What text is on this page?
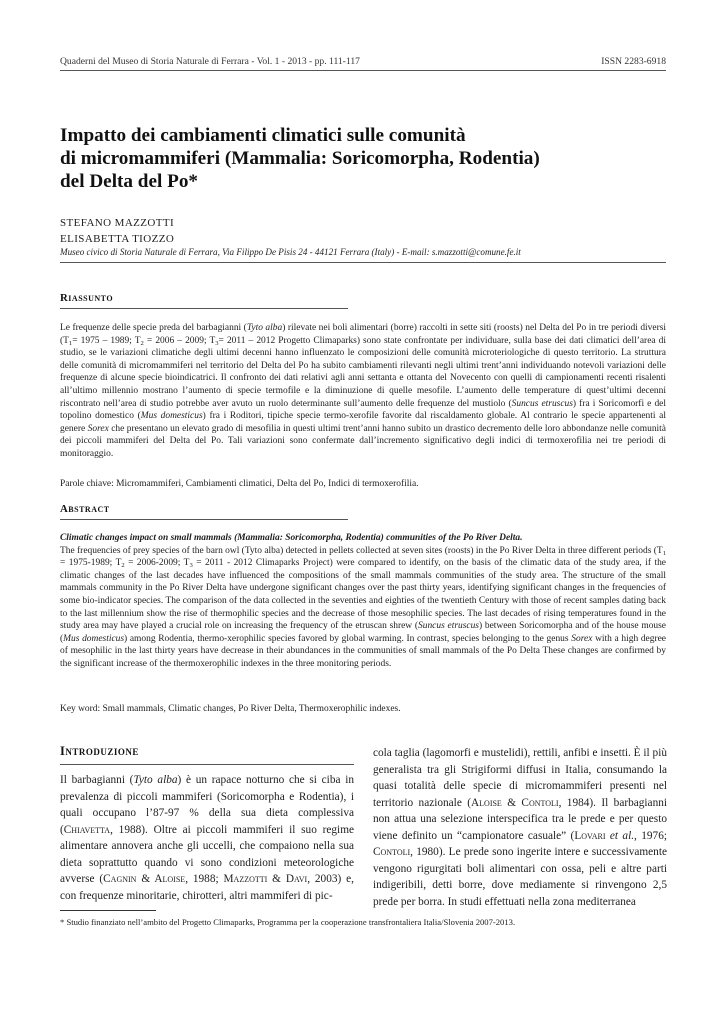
Quaderni del Museo di Storia Naturale di Ferrara - Vol. 1 - 2013 - pp. 111-117	ISSN 2283-6918
Impatto dei cambiamenti climatici sulle comunità
di micromammiferi (Mammalia: Soricomorpha, Rodentia)
del Delta del Po*
STEFANO MAZZOTTI
ELISABETTA TIOZZO
Museo civico di Storia Naturale di Ferrara, Via Filippo De Pisis 24 - 44121 Ferrara (Italy) - E-mail: s.mazzotti@comune.fe.it
Riassunto

Le frequenze delle specie preda del barbagianni (Tyto alba) rilevate nei boli alimentari (borre) raccolti in sette siti (roosts) nel Delta del Po in tre periodi diversi ($T_1= 1975 - 1989$; $T_2 = 2006 - 2009$; $T_3= 2011 - 2012$ Progetto Climaparks) sono state confrontate per individuare, sulla base dei dati climatici dell’area di studio, se le variazioni climatiche degli ultimi decenni hanno influenzato le composizioni delle comunità microteriologiche di questo territorio. La struttura delle comunità di micromammiferi nel territorio del Delta del Po ha subito cambiamenti rilevanti negli ultimi trent’anni individuando notevoli variazioni delle frequenze di alcune specie bioindicatrici. Il confronto dei dati relativi agli anni settanta e ottanta del Novecento con quelli di campionamenti recenti risalenti all’ultimo millennio mostrano l’aumento di specie termofile e la diminuzione di quelle mesofile. L’aumento delle temperature di quest’ultimi decenni riscontrato nell’area di studio potrebbe aver avuto un ruolo determinante sull’aumento delle frequenze del mustiolo (Suncus etruscus) fra i Soricomorfi e del topolino domestico (Mus domesticus) fra i Roditori, tipiche specie termo-xerofile favorite dal riscaldamento globale. Al contrario le specie appartenenti al genere Sorex che presentano un elevato grado di mesofilia in questi ultimi trent’anni hanno subito un drastico decremento delle loro abbondanze nelle comunità dei piccoli mammiferi del Delta del Po. Tali variazioni sono confermate dall’incremento significativo degli indici di termoxerofilia nei tre periodi di monitoraggio.

Parole chiave: Micromammiferi, Cambiamenti climatici, Delta del Po, Indici di termoxerofilia.

Abstract

Climatic changes impact on small mammals (Mammalia: Soricomorpha, Rodentia) communities of the Po River Delta.
The frequencies of prey species of the barn owl (Tyto alba) detected in pellets collected at seven sites (roosts) in the Po River Delta in three different periods ($T_1 = 1975-1989$; $T_2 = 2006-2009$; $T_3 = 2011 - 2012$ Climaparks Project) were compared to identify, on the basis of the climatic data of the study area, if the climatic changes of the last decades have influenced the compositions of the small mammals communities of the study area. The structure of the small mammals community in the Po River Delta have undergone significant changes over the past thirty years, identifying significant changes in the frequencies of some bio-indicator species. The comparison of the data collected in the seventies and eighties of the twentieth Century with those of recent samples dating back to the last millennium show the rise of thermophilic species and the decrease of those mesophilic species. The last decades of rising temperatures found in the study area may have played a crucial role on increasing the frequency of the etruscan shrew (Suncus etruscus) between Soricomorpha and of the house mouse (Mus domesticus) among Rodentia, thermo-xerophilic species favored by global warming. In contrast, species belonging to the genus Sorex with a high degree of mesophilic in the last thirty years have decrease in their abundances in the communities of small mammals of the Po Delta These changes are confirmed by the significant increase of the thermoxerophilic indexes in the three monitoring periods.

Key word: Small mammals, Climatic changes, Po River Delta, Thermoxerophilic indexes.

Introduzione

Il barbagianni (Tyto alba) è un rapace notturno che si ciba in prevalenza di piccoli mammiferi (Soricomorpha e Rodentia), i quali occupano l’87-97 % della sua dieta complessiva (Chiavetta, 1988). Oltre ai piccoli mammiferi il suo regime alimentare annovera anche gli uccelli, che compaiono nella sua dieta soprattutto quando vi sono condizioni meteorologiche avverse (Cagnin & Aloise, 1988; Mazzotti & Davi, 2003) e, con frequenze minoritarie, chirotteri, altri mammiferi di pic-

cola taglia (lagomorfi e mustelidi), rettili, anfibi e insetti. È il più generalista tra gli Strigiformi diffusi in Italia, consumando la quasi totalità delle specie di micromammiferi presenti nel territorio nazionale (Aloise & Contoli, 1984). Il barbagianni non attua una selezione interspecifica tra le prede e per questo viene definito un “campionatore casuale” (Lovari et al., 1976; Contoli, 1980). Le prede sono ingerite intere e successivamente vengono rigurgitati boli alimentari con ossa, peli e altre parti indigeribili, detti borre, dove mediamente si rinvengono 2,5 prede per borra. In studi effettuati nella zona mediterranea

* Studio finanziato nell’ambito del Progetto Climaparks, Programma per la cooperazione transfrontaliera Italia/Slovenia 2007-2013.
